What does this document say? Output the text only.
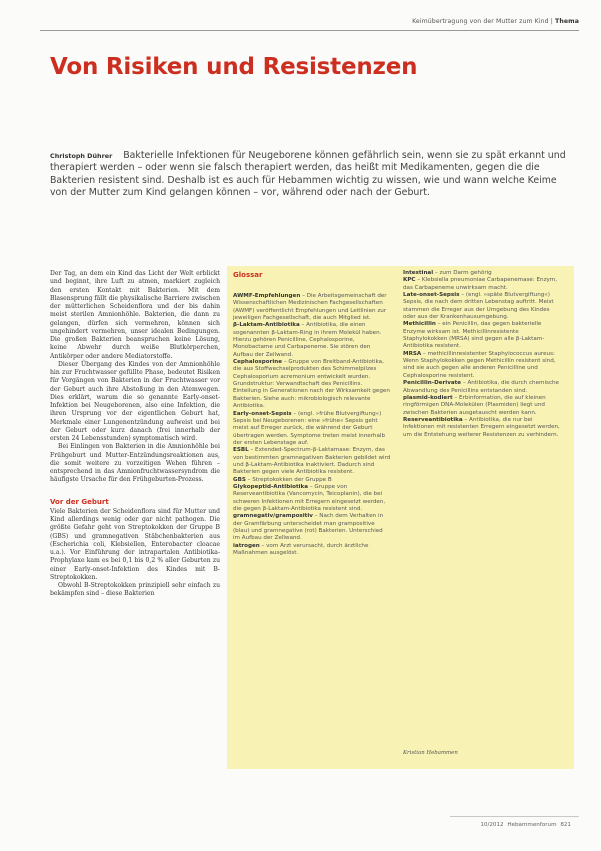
Keimübertragung von der Mutter zum Kind | Thema
Von Risiken und Resistenzen
Christoph Dührer Bakterielle Infektionen für Neugeborene können gefährlich sein, wenn sie zu spät erkannt und therapiert werden – oder wenn sie falsch therapiert werden, das heißt mit Medikamenten, gegen die die Bakterien resistent sind. Deshalb ist es auch für Hebammen wichtig zu wissen, wie und wann welche Keime von der Mutter zum Kind gelangen können – vor, während oder nach der Geburt.

Der Tag, an dem ein Kind das Licht der Welt erblickt und beginnt, ihre Luft zu atmen, markiert zugleich den ersten Kontakt mit Bakterien. Mit dem Blasensprung fällt die physikalische Barriere zwischen der mütterlichen Scheidenflora und der bis dahin meist sterilen Amnionhöhle. Bakterien, die dann zu gelangen, dürfen sich vermehren, können sich ungehindert vermehren, unser idealen Bedingungen. Die großen Bakterien beanspruchen keine Lösung, keine Abwehr durch weiße Blutkörperchen, Antikörper oder andere Mediatorstoffe.

Dieser Übergang des Kindes von der Amnionhöhle hin zur Fruchtwasser gefüllte Phase, bedeutet Risiken für Vorgängen von Bakterien in der Fruchtwasser vor der Geburt auch ihre Abstoßung in den Atemwegen. Dies erklärt, warum die so genannte Early-onset-Infektion bei Neugeborenen, also eine Infektion, die ihren Ursprung vor der eigentlichen Geburt hat, Merkmale einer Lungenentzündung aufweist und bei der Geburt oder kurz danach (frei innerhalb der ersten 24 Lebensstunden) symptomatisch wird.

Bei Einlingen von Bakterien in die Amnionhöhle bei Frühgeburt und Mutter-Entzündungsreaktionen aus, die somit weitere zu vorzeitigen Wehen führen – entsprechend in das Amnionfruchtwassersyndrom die häufigste Ursache für den Frühgeburten-Prozess.

Vor der Geburt

Viele Bakterien der Scheidenflora sind für Mutter und Kind allerdings wenig oder gar nicht pathogen. Die größte Gefahr geht von Streptokokken der Gruppe B (GBS) und gramnegativen Stäbchenbakterien aus (Escherichia coli, Klebsiellen, Enterobacter cloacae u.a.). Vor Einführung der intrapartalen Antibiotika-Prophylaxe kam es bei 0,1 bis 0,2 % aller Geburten zu einer Early-onset-Infektion des Kindes mit B-Streptokokken.

Obwohl B-Streptokokken prinzipiell sehr einfach zu bekämpfen sind – diese Bakterien

Glossar

AWMF-Empfehlungen – Die Arbeitsgemeinschaft der Wissenschaftlichen Medizinischen Fachgesellschaften (AWMF) veröffentlicht Empfehlungen und Leitlinien zur jeweiligen Fachgesellschaft, die auch Mitglied ist.

β-Laktam-Antibiotika – Antibiotika, die einen sogenannten β-Laktam-Ring in ihrem Molekül haben. Hierzu gehören Penicilline, Cephalosporine, Monobactame und Carbapeneme. Sie stören den Aufbau der Zellwand.

Cephalosporine – Gruppe von Breitband-Antibiotika, die aus Stoffwechselprodukten des Schimmelpilzes Cephalosporium acremonium entwickelt wurden. Grundstruktur: Verwandtschaft des Penicillins. Einteilung in Generationen nach der Wirksamkeit gegen Bakterien. Siehe auch: mikrobiologisch relevante Antibiotika.

Early-onset-Sepsis – (engl. »frühe Blutvergiftung«) Sepsis bei Neugeborenen: eine »frühe« Sepsis geht meist auf Erreger zurück, die während der Geburt übertragen werden. Symptome treten meist innerhalb der ersten Lebenstage auf.

ESBL – Extended-Spectrum-β-Laktamase: Enzym, das von bestimmten gramnegativen Bakterien gebildet wird und β-Laktam-Antibiotika inaktiviert. Dadurch sind Bakterien gegen viele Antibiotika resistent.

GBS – Streptokokken der Gruppe B

Glykopeptid-Antibiotika – Gruppe von Reserveantibiotika (Vancomycin, Teicoplanin), die bei schweren Infektionen mit Erregern eingesetzt werden, die gegen β-Laktam-Antibiotika resistent sind.

gramnegativ/grampositiv – Nach dem Verhalten in der Gramfärbung unterscheidet man grampositive (blau) und gramnegative (rot) Bakterien. Unterschied im Aufbau der Zellwand.

iatrogen – vom Arzt verursacht, durch ärztliche Maßnahmen ausgelöst.

Intestinal – zum Darm gehörig

KPC – Klebsiella pneumoniae Carbapenemase: Enzym, das Carbapeneme unwirksam macht.

Late-onset-Sepsis – (engl. »späte Blutvergiftung«) Sepsis, die nach dem dritten Lebenstag auftritt. Meist stammen die Erreger aus der Umgebung des Kindes oder aus der Krankenhausumgebung.

Methicillin – ein Penicillin, das gegen bakterielle Enzyme wirksam ist. Methicillinresistente Staphylokokken (MRSA) sind gegen alle β-Laktam-Antibiotika resistent.

MRSA – methicillinresistenter Staphylococcus aureus: Wenn Staphylokokken gegen Methicillin resistent sind, sind sie auch gegen alle anderen Penicilline und Cephalosporine resistent.

Penicillin-Derivate – Antibiotika, die durch chemische Abwandlung des Penicillins entstanden sind.

plasmid-kodiert – Erbinformation, die auf kleinen ringförmigen DNA-Molekülen (Plasmiden) liegt und zwischen Bakterien ausgetauscht werden kann.

Reserveantibiotika – Antibiotika, die nur bei Infektionen mit resistenten Erregern eingesetzt werden, um die Entstehung weiterer Resistenzen zu verhindern.

Kristian Hebammen
10/2012 Hebammenforum 821
